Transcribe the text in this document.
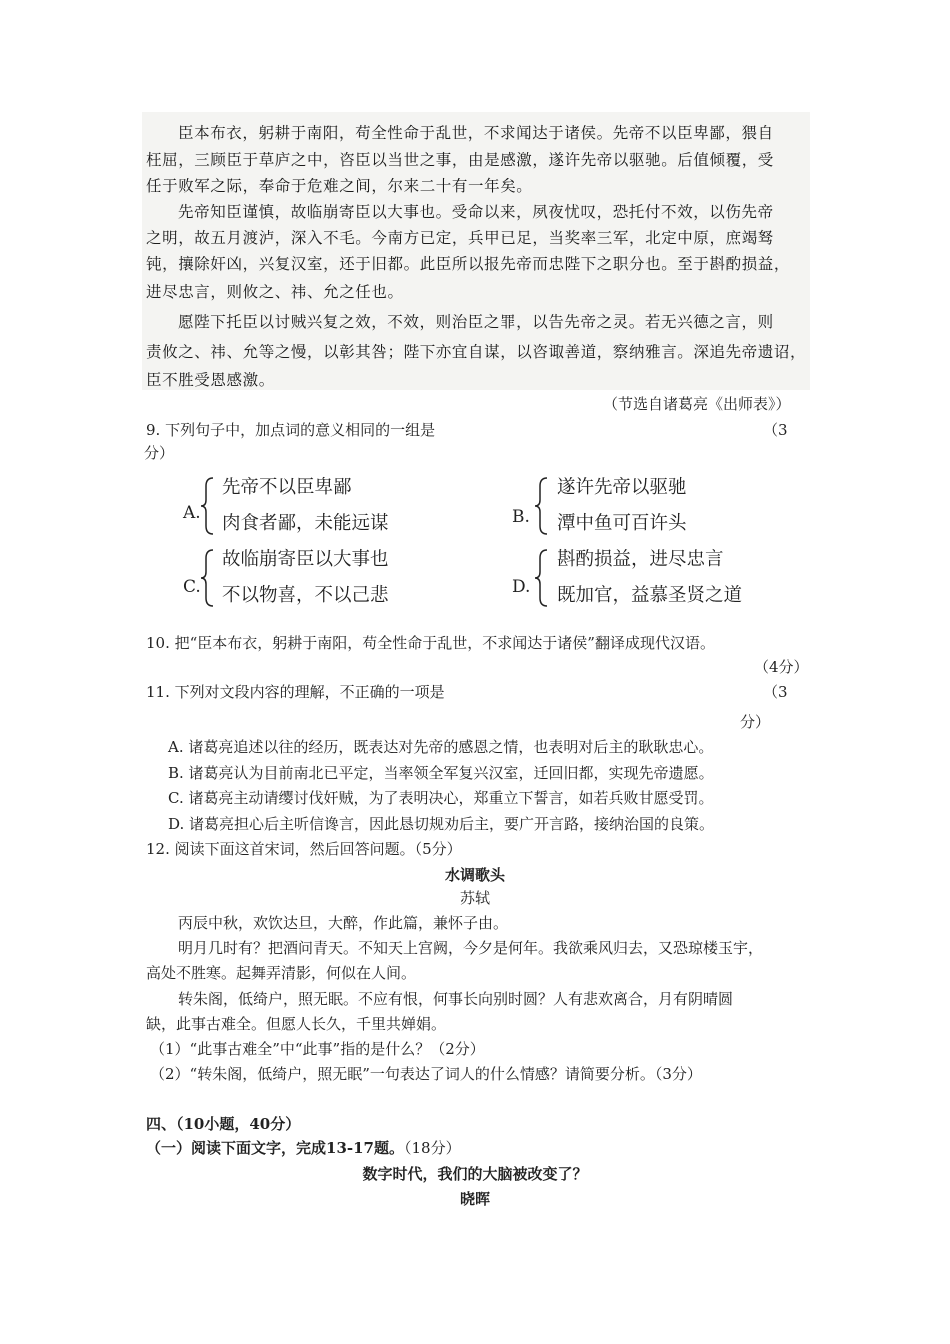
臣本布衣，躬耕于南阳，苟全性命于乱世，不求闻达于诸侯。先帝不以臣卑鄙，猥自
枉屈，三顾臣于草庐之中，咨臣以当世之事，由是感激，遂许先帝以驱驰。后值倾覆，受
任于败军之际，奉命于危难之间，尔来二十有一年矣。
先帝知臣谨慎，故临崩寄臣以大事也。受命以来，夙夜忧叹，恐托付不效，以伤先帝
之明，故五月渡泸，深入不毛。今南方已定，兵甲已足，当奖率三军，北定中原，庶竭驽
钝，攘除奸凶，兴复汉室，还于旧都。此臣所以报先帝而忠陛下之职分也。至于斟酌损益，
进尽忠言，则攸之、祎、允之任也。
愿陛下托臣以讨贼兴复之效，不效，则治臣之罪，以告先帝之灵。若无兴德之言，则
责攸之、祎、允等之慢，以彰其咎；陛下亦宜自谋，以咨诹善道，察纳雅言。深追先帝遗诏，
臣不胜受恩感激。
（节选自诸葛亮《出师表》）
9. 下列句子中，加点词的意义相同的一组是	（3
分）
A.
先帝不以臣卑鄙
肉食者鄙，未能远谋	B.
遂许先帝以驱驰
潭中鱼可百许头
C.
故临崩寄臣以大事也
不以物喜，不以己悲	D.
斟酌损益，进尽忠言
既加官，益慕圣贤之道
10. 把“臣本布衣，躬耕于南阳，苟全性命于乱世，不求闻达于诸侯”翻译成现代汉语。
（4分）
11. 下列对文段内容的理解，不正确的一项是	（3
分）
A. 诸葛亮追述以往的经历，既表达对先帝的感恩之情，也表明对后主的耿耿忠心。
B. 诸葛亮认为目前南北已平定，当率领全军复兴汉室，迁回旧都，实现先帝遗愿。
C. 诸葛亮主动请缨讨伐奸贼，为了表明决心，郑重立下誓言，如若兵败甘愿受罚。
D. 诸葛亮担心后主听信谗言，因此恳切规劝后主，要广开言路，接纳治国的良策。
12. 阅读下面这首宋词，然后回答问题。（5分）
水调歌头
苏轼
丙辰中秋，欢饮达旦，大醉，作此篇，兼怀子由。
明月几时有？把酒问青天。不知天上宫阙，今夕是何年。我欲乘风归去，又恐琼楼玉宇，
高处不胜寒。起舞弄清影，何似在人间。
转朱阁，低绮户，照无眠。不应有恨，何事长向别时圆？人有悲欢离合，月有阴晴圆
缺，此事古难全。但愿人长久，千里共婵娟。
（1）“此事古难全”中“此事”指的是什么？（2分）
（2）“转朱阁，低绮户，照无眠”一句表达了词人的什么情感？请简要分析。（3分）
四、（10小题，40分）
（一）阅读下面文字，完成13-17题。（18分）
数字时代，我们的大脑被改变了？
晓晖
